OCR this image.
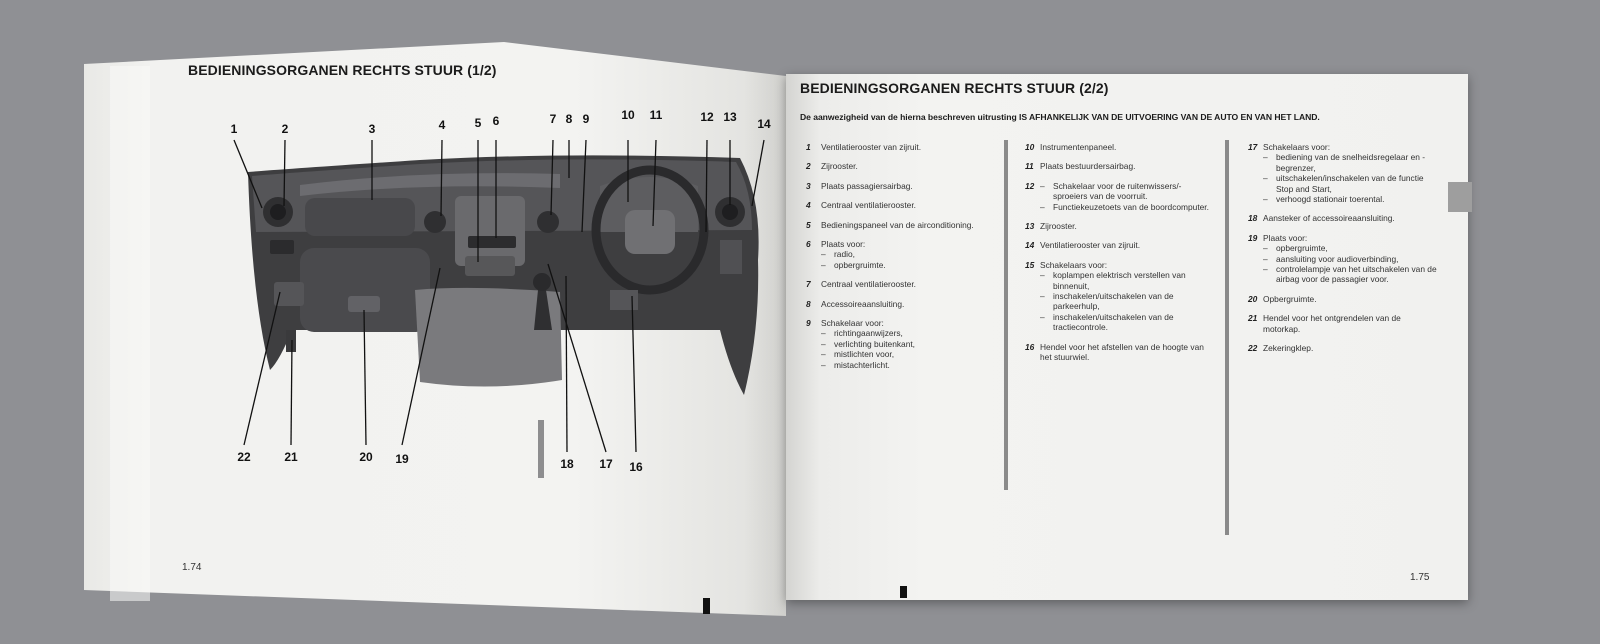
BEDIENINGSORGANEN RECHTS STUUR (1/2)
1	2	3	4 5 6	7 8 9	10 11	12 13 14
22	21	20 19	18 17 16
1.74
BEDIENINGSORGANEN RECHTS STUUR (2/2)

De aanwezigheid van de hierna beschreven uitrusting IS AFHANKELIJK VAN DE UITVOERING VAN DE AUTO EN VAN HET LAND.

1	Ventilatierooster van zijruit.
2	Zijrooster.
3	Plaats passagiersairbag.
4	Centraal ventilatierooster.
5	Bedieningspaneel van de airconditioning.
6	Plaats voor:
– radio,
– opbergruimte.
7	Centraal ventilatierooster.
8	Accessoireaansluiting.
9	Schakelaar voor:
– richtingaanwijzers,
– verlichting buitenkant,
– mistlichten voor,
– mistachterlicht.
10 Instrumentenpaneel.
11 Plaats bestuurdersairbag.
12 – Schakelaar voor de ruitenwissers/-sproeiers van de voorruit.
– Functiekeuzetoets van de boordcomputer.
13 Zijrooster.
14 Ventilatierooster van zijruit.
15 Schakelaars voor:
– koplampen elektrisch verstellen van binnenuit,
– inschakelen/uitschakelen van de parkeerhulp,
– inschakelen/uitschakelen van de tractiecontrole.
16 Hendel voor het afstellen van de hoogte van het stuurwiel.
17 Schakelaars voor:
– bediening van de snelheidsregelaar en -begrenzer,
– uitschakelen/inschakelen van de functie Stop and Start,
– verhoogd stationair toerental.
18 Aansteker of accessoireaansluiting.
19 Plaats voor:
– opbergruimte,
– aansluiting voor audioverbinding,
– controlelampje van het uitschakelen van de airbag voor de passagier voor.
20 Opbergruimte.
21 Hendel voor het ontgrendelen van de motorkap.
22 Zekeringklep.
1.75
